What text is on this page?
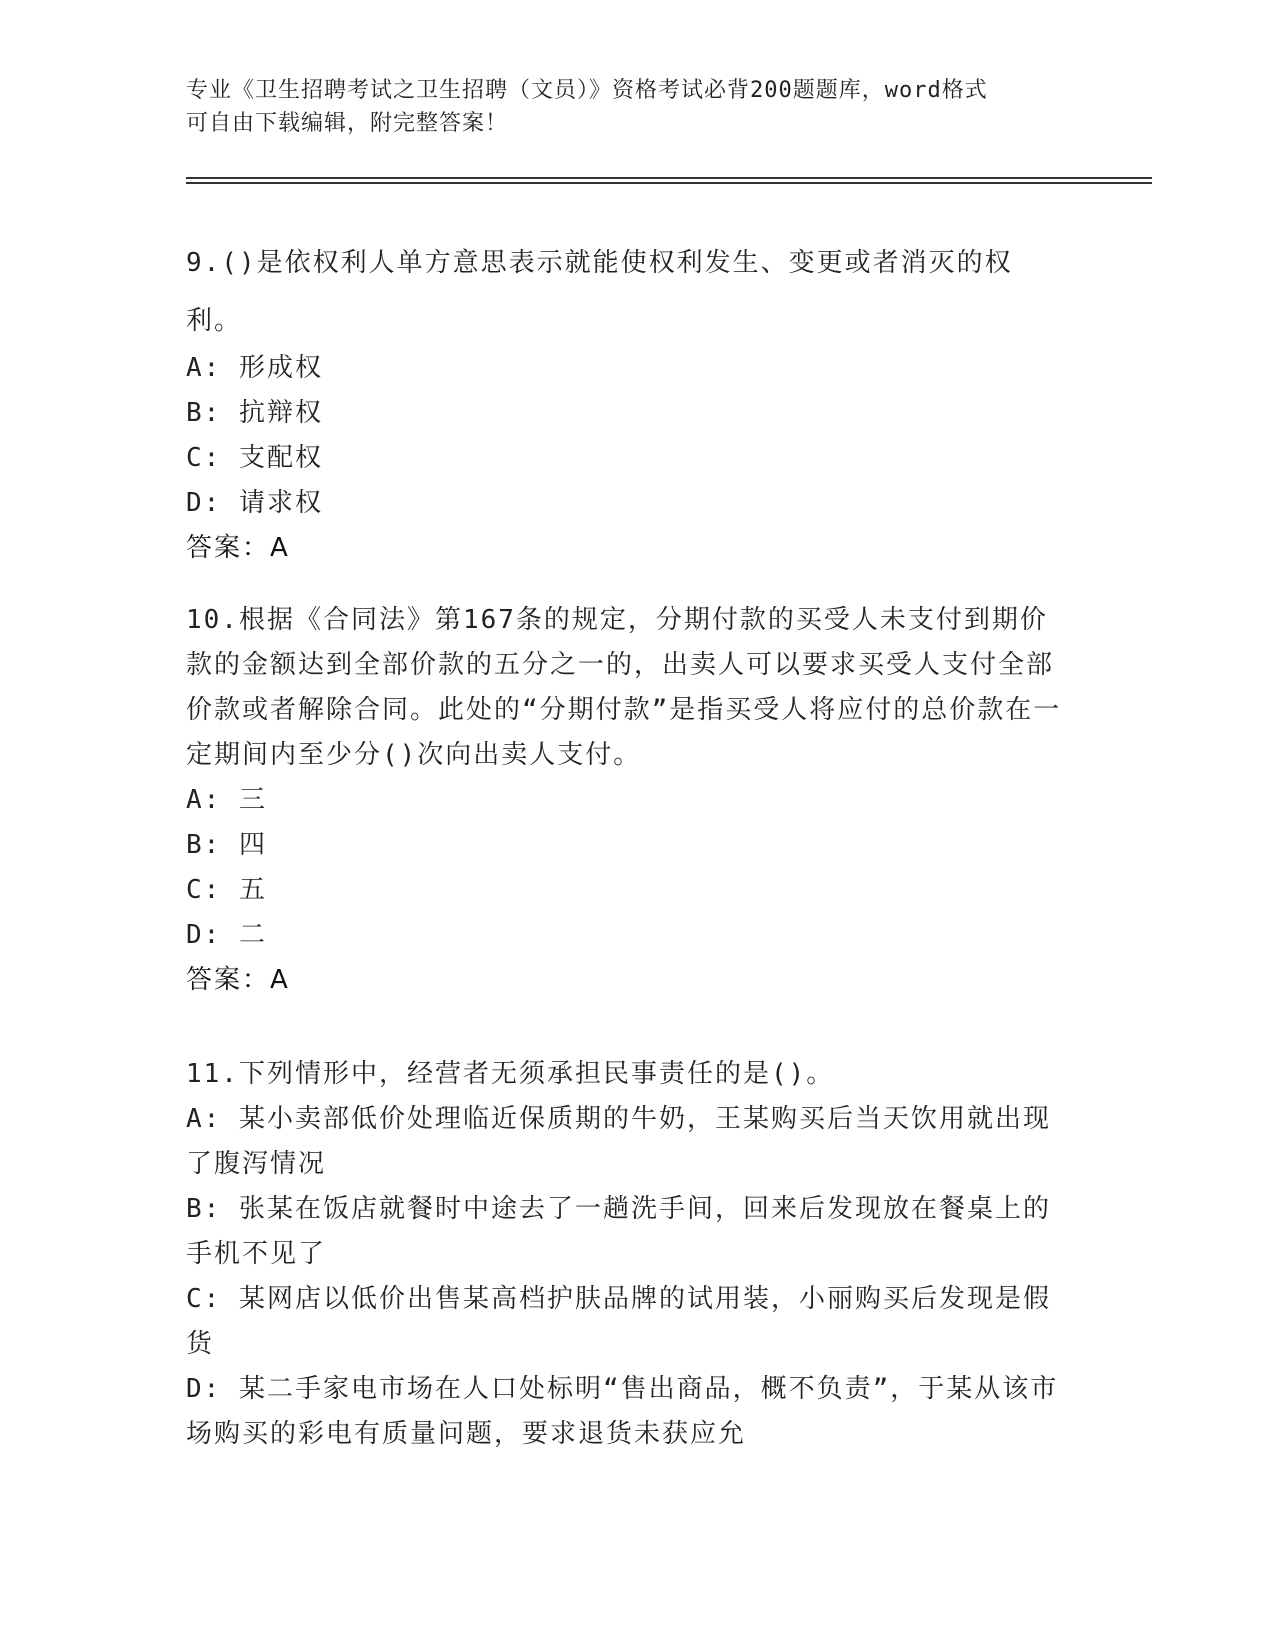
专业《卫生招聘考试之卫生招聘（文员）》资格考试必背200题题库，word格式
可自由下载编辑，附完整答案！
9.()是依权利人单方意思表示就能使权利发生、变更或者消灭的权利。
A: 形成权
B: 抗辩权
C: 支配权
D: 请求权
答案：A
10.根据《合同法》第167条的规定，分期付款的买受人未支付到期价款的金额达到全部价款的五分之一的，出卖人可以要求买受人支付全部价款或者解除合同。此处的“分期付款”是指买受人将应付的总价款在一定期间内至少分()次向出卖人支付。
A: 三
B: 四
C: 五
D: 二
答案：A
11.下列情形中，经营者无须承担民事责任的是()。
A: 某小卖部低价处理临近保质期的牛奶，王某购买后当天饮用就出现了腹泻情况
B: 张某在饭店就餐时中途去了一趟洗手间，回来后发现放在餐桌上的手机不见了
C: 某网店以低价出售某高档护肤品牌的试用装，小丽购买后发现是假货
D: 某二手家电市场在人口处标明“售出商品，概不负责”，于某从该市场购买的彩电有质量问题，要求退货未获应允
